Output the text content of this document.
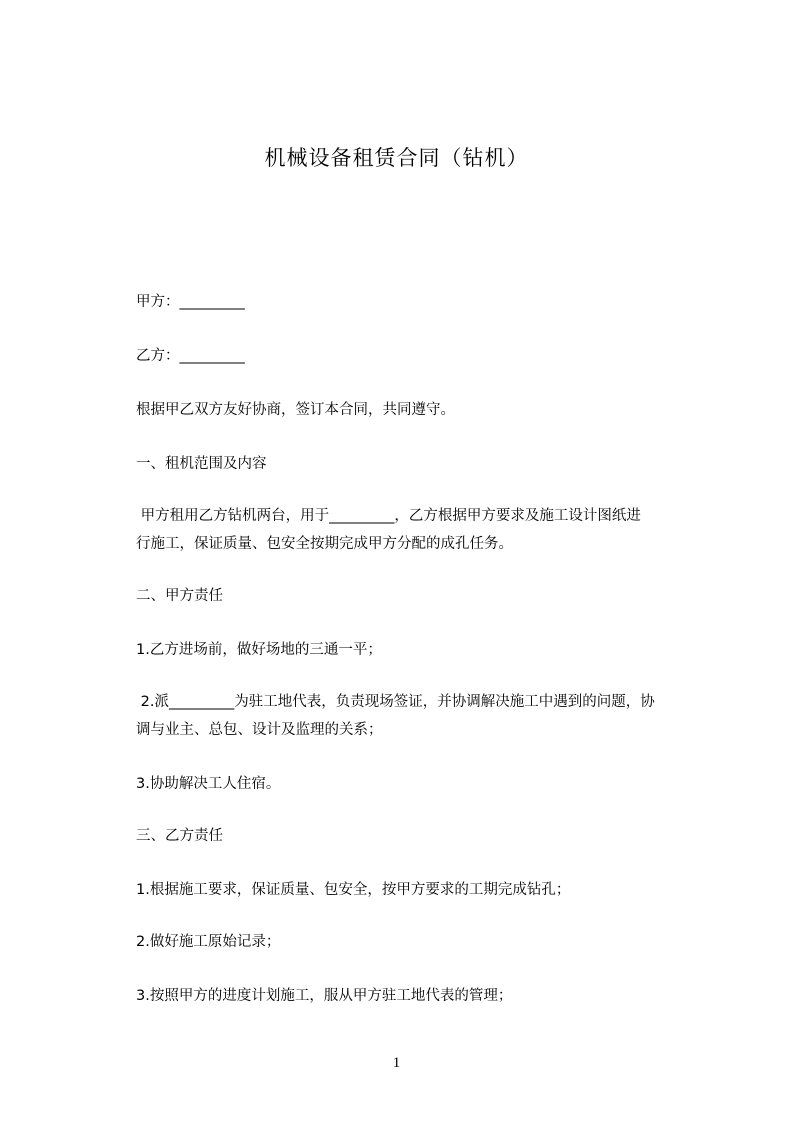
机械设备租赁合同（钻机）
甲方：_________
乙方：_________
根据甲乙双方友好协商，签订本合同，共同遵守。
一、租机范围及内容
甲方租用乙方钻机两台，用于_________，乙方根据甲方要求及施工设计图纸进
行施工，保证质量、包安全按期完成甲方分配的成孔任务。
二、甲方责任
1.乙方进场前，做好场地的三通一平；
2.派_________为驻工地代表，负责现场签证，并协调解决施工中遇到的问题，协
调与业主、总包、设计及监理的关系；
3.协助解决工人住宿。
三、乙方责任
1.根据施工要求，保证质量、包安全，按甲方要求的工期完成钻孔；
2.做好施工原始记录；
3.按照甲方的进度计划施工，服从甲方驻工地代表的管理；
1
